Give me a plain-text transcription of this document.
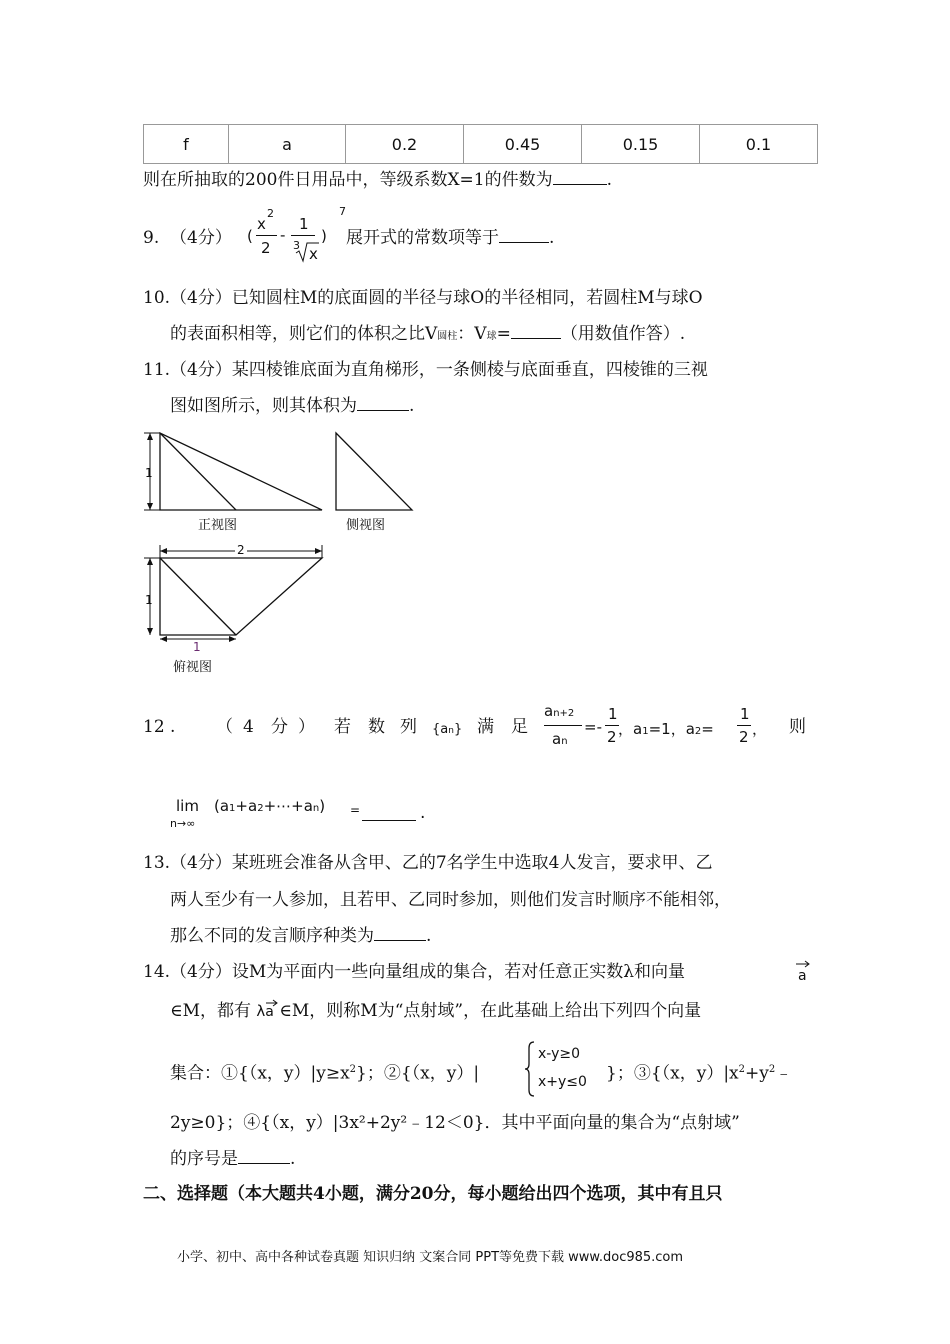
f	a	0.2	0.45	0.15	0.1
则在所抽取的200件日用品中，等级系数X=1的件数为	.
9. （4分） (
x
2
2
-
1
3 x
)
7
展开式的常数项等于	.
10.（4分）已知圆柱M的底面圆的半径与球O的半径相同，若圆柱M与球O
的表面积相等，则它们的体积之比V圆柱：V球=	（用数值作答）.
11.（4分）某四棱锥底面为直角梯形，一条侧棱与底面垂直，四棱锥的三视
图如图所示，则其体积为	.
1
正视图	侧视图
2
1
1
俯视图
12 . （ 4 分 ） 若 数 列 {an} 满 足
an+2
an
=-
1
2 ，a1=1，a2=
1
2 ， 则
lim
n→∞
(a1+a2+⋯+an) =	.
13.（4分）某班班会准备从含甲、乙的7名学生中选取4人发言，要求甲、乙
两人至少有一人参加，且若甲、乙同时参加，则他们发言时顺序不能相邻，
那么不同的发言顺序种类为	.
14.（4分）设M为平面内一些向量组成的集合，若对任意正实数λ和向量	a
∈M，都有 λ
a ∈M，则称M为“点射域”，在此基础上给出下列四个向量
集合：①{（x，$y)|y\ge x^2$}；②{（x，y）|
x-y≥0
x+y≤0 }；③{（x，$y)|x^2+y^2﹣$
2y≥0}；④{（x，y）|3x²+2y²﹣12＜0}．其中平面向量的集合为“点射域”
的序号是	.
二、选择题（本大题共4小题，满分20分，每小题给出四个选项，其中有且只
小学、初中、高中各种试卷真题 知识归纳 文案合同 PPT等免费下载 www.doc985.com
